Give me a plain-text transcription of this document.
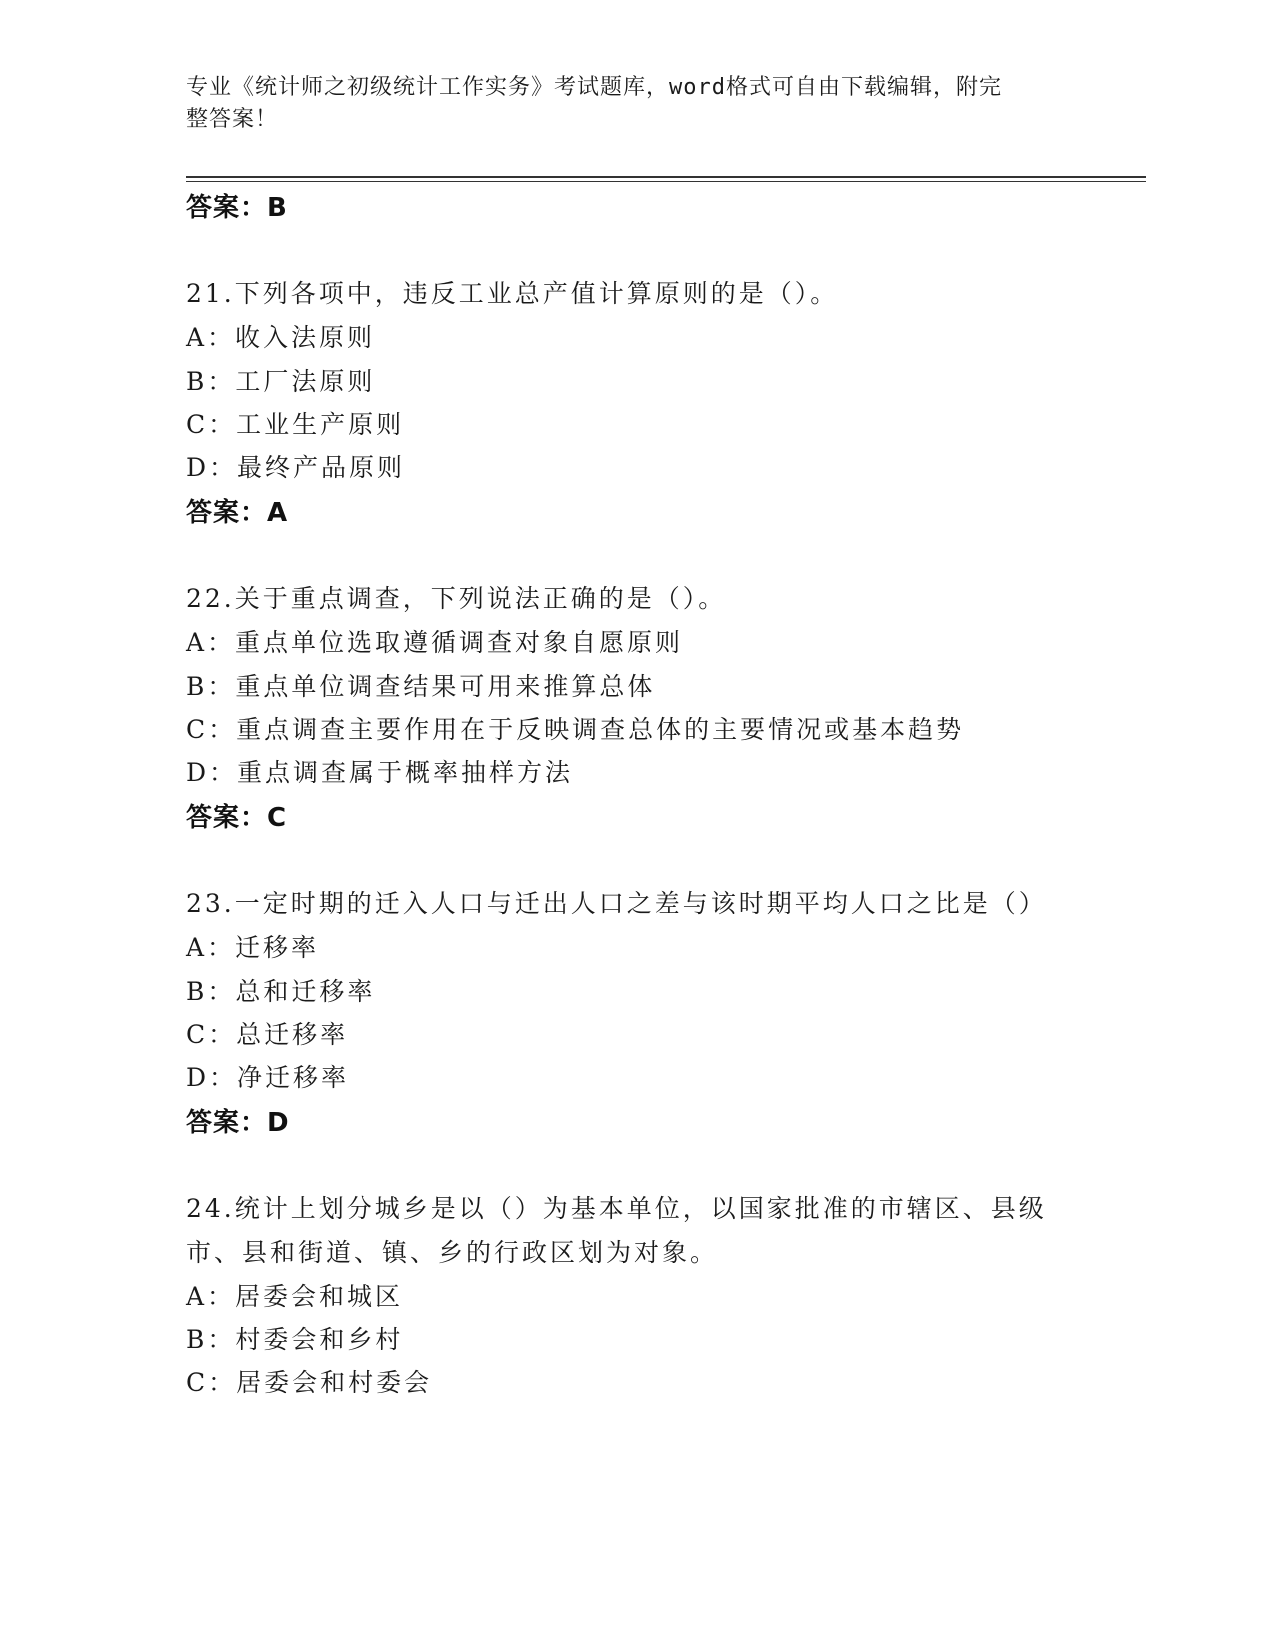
专业《统计师之初级统计工作实务》考试题库，word格式可自由下载编辑，附完
整答案！
答案：B
21.下列各项中，违反工业总产值计算原则的是（）。
A：收入法原则
B：工厂法原则
C：工业生产原则
D：最终产品原则
答案：A
22.关于重点调查，下列说法正确的是（）。
A：重点单位选取遵循调查对象自愿原则
B：重点单位调查结果可用来推算总体
C：重点调查主要作用在于反映调查总体的主要情况或基本趋势
D：重点调查属于概率抽样方法
答案：C
23.一定时期的迁入人口与迁出人口之差与该时期平均人口之比是（）
A：迁移率
B：总和迁移率
C：总迁移率
D：净迁移率
答案：D
24.统计上划分城乡是以（）为基本单位，以国家批准的市辖区、县级
市、县和街道、镇、乡的行政区划为对象。
A：居委会和城区
B：村委会和乡村
C：居委会和村委会
